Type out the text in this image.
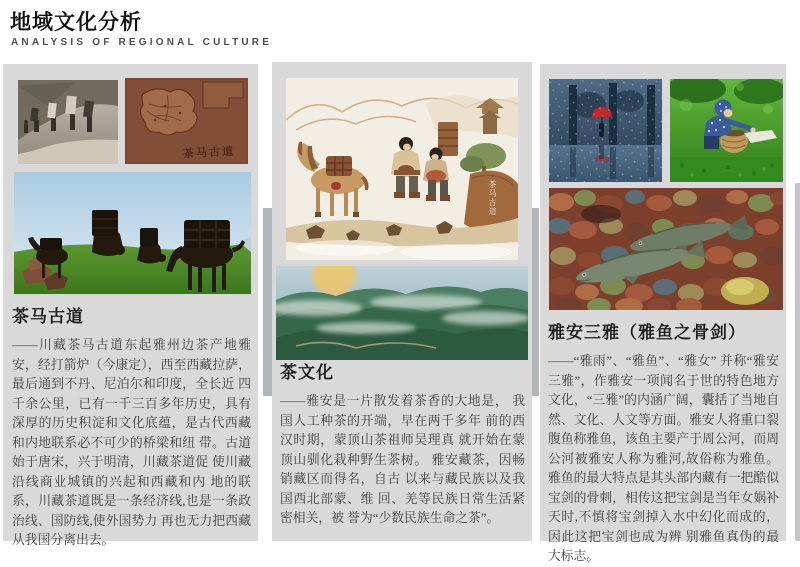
地域文化分析
ANALYSIS OF REGIONAL CULTURE
茶马古道
茶马古道
——川藏茶马古道东起雅州边茶产地雅安，经打箭炉（今康定），西至西藏拉萨，最后通到不丹、尼泊尔和印度，全长近 四千余公里，已有一千三百多年历史，具有深厚的历史积淀和文化底蕴，是古代西藏和内地联系必不可少的桥梁和纽 带。古道始于唐宋，兴于明清，川藏茶道促 使川藏沿线商业城镇的兴起和西藏和内 地的联系，川藏茶道既是一条经济线,也是一条政治线、国防线,使外国势力 再也无力把西藏从我国分离出去。
茶马古道
茶文化
——雅安是一片散发着茶香的大地是， 我国人工种茶的开端，早在两千多年 前的西汉时期，蒙顶山茶祖师吴理真 就开始在蒙顶山驯化栽种野生茶树。 雅安藏茶，因畅销藏区而得名，自古 以来与藏民族以及我国西北部蒙、维 回、羌等民族日常生活紧密相关，被 誉为“少数民族生命之茶”。
雅安三雅（雅鱼之骨剑）
——“雅雨”、“雅鱼”、“雅女” 并称“雅安三雅”，作雅安一项闻名于世的特色地方文化，“三雅”的内涵广阔，囊括了当地自然、文化、人文等方面。雅安人将重口裂腹鱼称雅鱼，该鱼主要产于周公河，而周公河被雅安人称为雅河,故俗称为雅鱼。 雅鱼的最大特点是其头部内藏有一把酷似宝剑的骨刺，相传这把宝剑是当年女娲补天时,不慎将宝剑掉入水中幻化而成的，因此这把宝剑也成为辨 别雅鱼真伪的最大标志。
